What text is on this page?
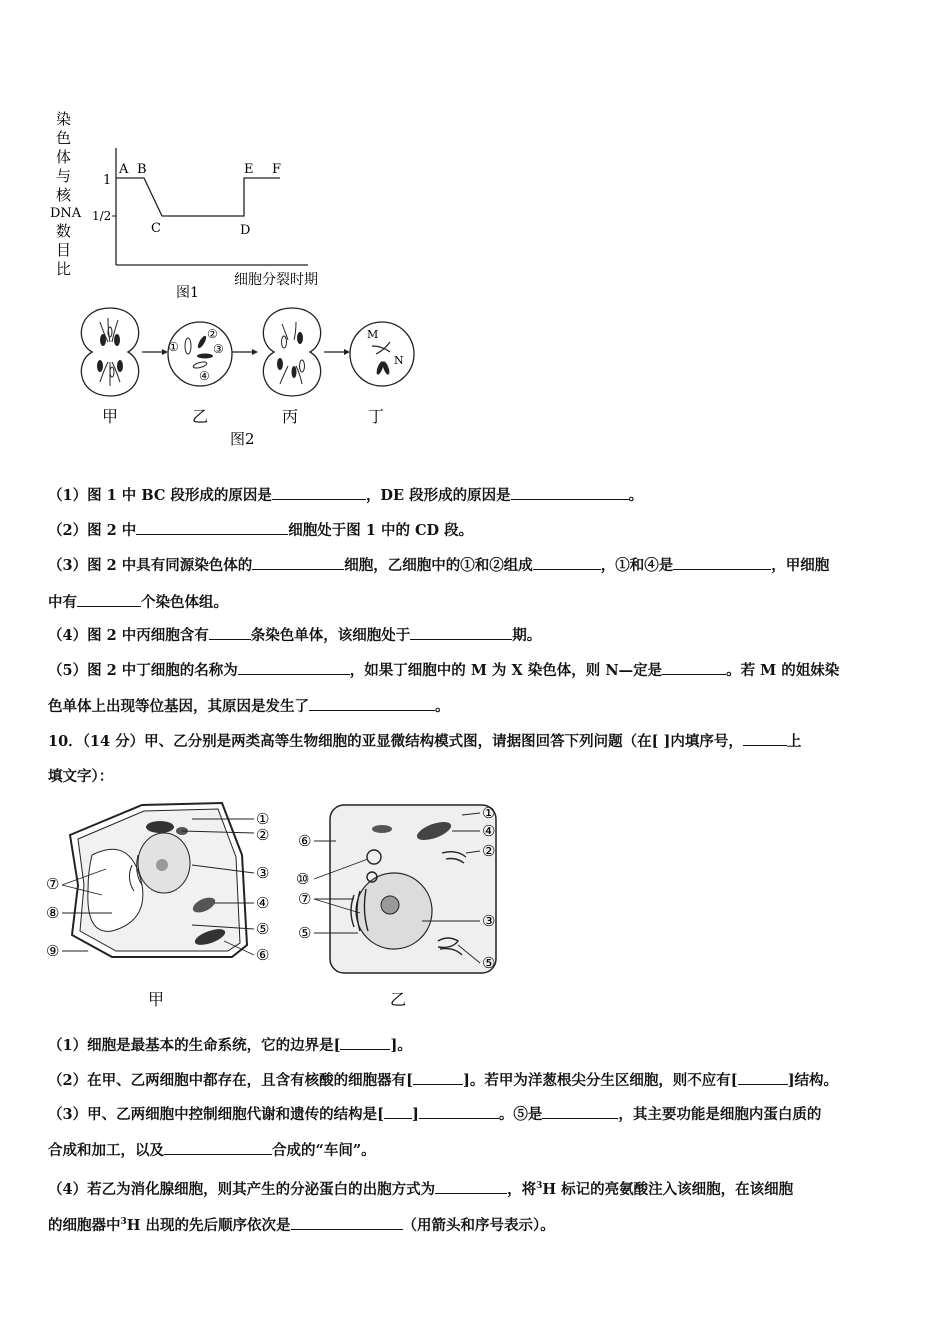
染
色
体
与
核
DNA
数
目
比
1
1/2
A B
C	D
E F
细胞分裂时期
图1
①
②
③
④
M
N
甲	乙	丙	丁
图2
（1）图 1 中 BC 段形成的原因是	，DE 段形成的原因是	。
（2）图 2 中	细胞处于图 1 中的 CD 段。
（3）图 2 中具有同源染色体的	细胞，乙细胞中的①和②组成	，①和④是	，甲细胞
中有	个染色体组。
（4）图 2 中丙细胞含有	条染色单体，该细胞处于	期。
（5）图 2 中丁细胞的名称为	，如果丁细胞中的 M 为 X 染色体，则 N—定是	。若 M 的姐妹染
色单体上出现等位基因，其原因是发生了	。
10．（14 分）甲、乙分别是两类高等生物细胞的亚显微结构模式图，请据图回答下列问题（在[ ]内填序号，	上
填文字）：
①
②
③
④
⑤
⑥
⑦
⑧
⑨
甲
①
④
②
⑥
⑩
⑦
③
⑤
⑤
乙
（1）细胞是最基本的生命系统，它的边界是[	]。
（2）在甲、乙两细胞中都存在，且含有核酸的细胞器有[	]。若甲为洋葱根尖分生区细胞，则不应有[	]结构。
（3）甲、乙两细胞中控制细胞代谢和遗传的结构是[ ]	。⑤是	，其主要功能是细胞内蛋白质的
合成和加工，以及	合成的“车间”。
（4）若乙为消化腺细胞，则其产生的分泌蛋白的出胞方式为	，将$^3$H 标记的亮氨酸注入该细胞，在该细胞
的细胞器中$^3$H 出现的先后顺序依次是	（用箭头和序号表示）。
